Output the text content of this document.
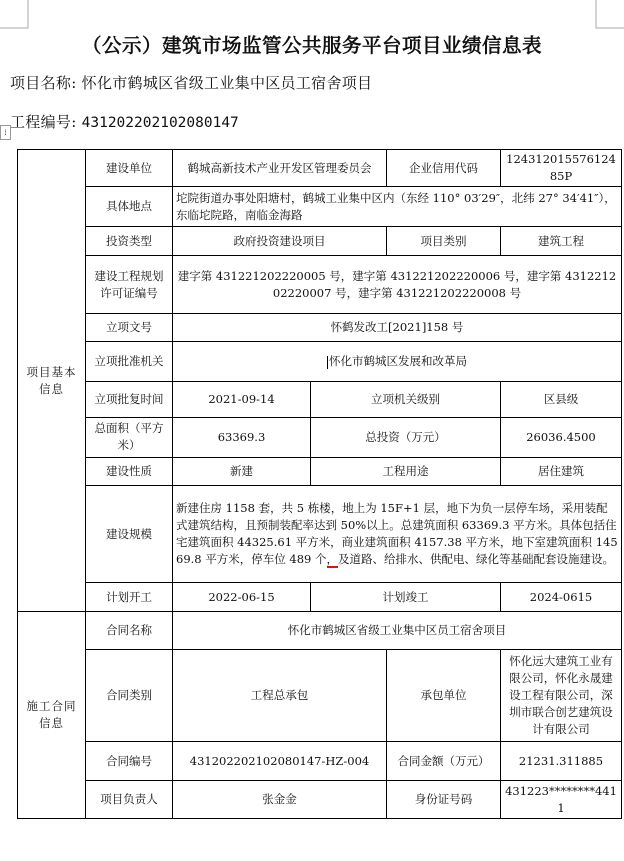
（公示）建筑市场监管公共服务平台项目业绩信息表
项目名称: 怀化市鹤城区省级工业集中区员工宿舍项目
工程编号: 431202202102080147
⁞
项目基本信息	建设单位	鹤城高新技术产业开发区管理委员会		企业信用代码	12431201557612485P
	具体地点	坨院街道办事处阳塘村，鹤城工业集中区内（东经 110° 03′29″，北纬 27° 34′41″），东临坨院路，南临金海路			
	投资类型	政府投资建设项目		项目类别	建筑工程
	建设工程规划许可证编号	建字第 431221202220005 号，建字第 431221202220006 号，建字第 431221202220007 号，建字第 431221202220008 号			
	立项文号	怀鹤发改工[2021]158 号			
	立项批准机关	怀化市鹤城区发展和改革局			
	立项批复时间	2021-09-14	立项机关级别		区县级
	总面积（平方米）	63369.3	总投资（万元）		26036.4500
	建设性质	新建	工程用途		居住建筑
	建设规模	新建住房 1158 套，共 5 栋楼，地上为 15F+1 层，地下为负一层停车场，采用装配式建筑结构，且预制装配率达到 50%以上。总建筑面积 63369.3 平方米。具体包括住宅建筑面积 44325.61 平方米，商业建筑面积 4157.38 平方米，地下室建筑面积 14569.8 平方米，停车位 489 个，及道路、给排水、供配电、绿化等基础配套设施建设。			
	计划开工	2022-06-15	计划竣工		2024-0615
施工合同信息	合同名称	怀化市鹤城区省级工业集中区员工宿舍项目			
	合同类别	工程总承包		承包单位	怀化远大建筑工业有限公司，怀化永晟建设工程有限公司，深圳市联合创艺建筑设计有限公司
	合同编号	431202202102080147-HZ-004		合同金额（万元）	21231.311885
	项目负责人	张金金		身份证号码	431223********4411
